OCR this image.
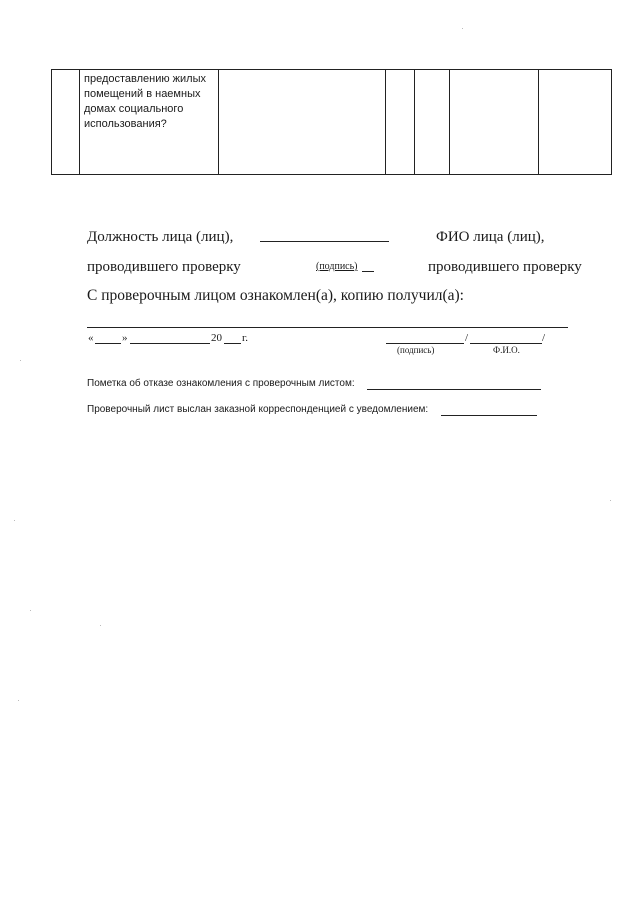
предоставлению жилых помещений в наемных домах социального использования?
Должность лица (лиц),	ФИО лица (лиц),
проводившего проверку	(подпись)	проводившего проверку
С проверочным лицом ознакомлен(а), копию получил(а):
«	»	20 г.	/	/
(подпись)	Ф.И.О.
Пометка об отказе ознакомления с проверочным листом:
Проверочный лист выслан заказной корреспонденцией с уведомлением:
